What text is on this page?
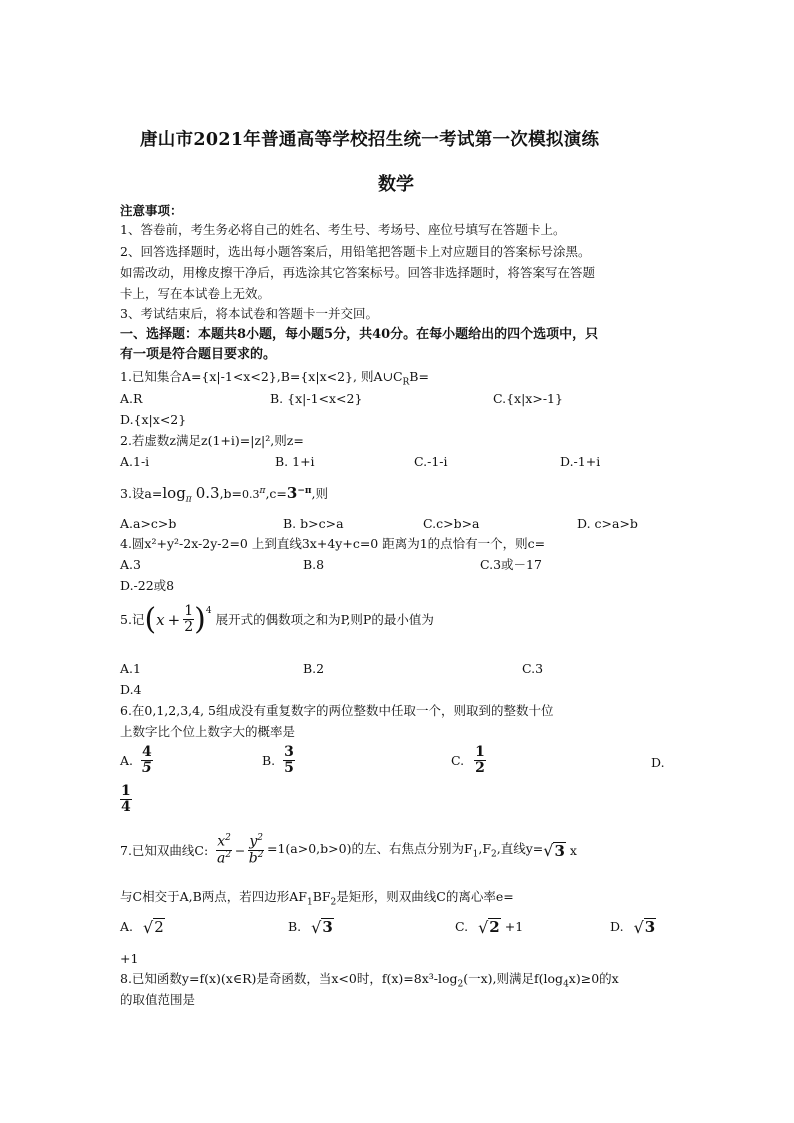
唐山市2021年普通高等学校招生统一考试第一次模拟演练
数学
注意事项：
1、答卷前，考生务必将自己的姓名、考生号、考场号、座位号填写在答题卡上。
2、回答选择题时，选出每小题答案后，用铅笔把答题卡上对应题目的答案标号涂黑。
如需改动，用橡皮擦干净后，再选涂其它答案标号。回答非选择题时，将答案写在答题
卡上，写在本试卷上无效。
3、考试结束后，将本试卷和答题卡一并交回。
一、选择题：本题共8小题，每小题5分，共40分。在每小题给出的四个选项中，只
有一项是符合题目要求的。
1.已知集合A={x|-1<x<2},B={x|x<2}, 则$A\cup C_RB=$
A.R	B. {x|-1<x<2}	C.{x|x>-1}
D.{x|x<2}
2.若虚数z满足z(1+i)=|z|²,则z=
A.1-i	B. 1+i	C.-1-i	D.-1+i
3.设$a=\log_\pi$ $0.3,b=0.3^\pi,c=3^{-\pi}$,则
A.a>c>b	B. b>c>a	C.c>b>a	D. c>a>b
4.圆x²+y²-2x-2y-2=0 上到直线3x+4y+c=0 距离为1的点恰有一个，则c=
A.3	B.8	C.3或－17
D.-22或8
5.记 ( $x + \frac{1}{2} )^4$
展开式的偶数项之和为P,则P的最小值为
A.1	B.2	C.3
D.4
6.在0,1,2,3,4, 5组成没有重复数字的两位整数中任取一个，则取到的整数十位
上数字比个位上数字大的概率是
A. $\frac{4}{5}$	B. $\frac{3}{5}$	C. $\frac{1}{2}$	D.
$\frac{1}{4}$
7.已知双曲线C: $\frac{x^2}{a^2} - \frac{y^2}{b^2} =1(a>0,b>0)$的左、右焦点分别为$F_1,F_2$,直线y= √ 3 x
与C相交于A,B两点，若四边形$AF_1BF_2$是矩形，则双曲线C的离心率e=
A. √ 2	B. √ 3	C. √ 2 +1	D. √ 3
+1
8.已知函数y=f(x)(x∈R)是奇函数，当x<0时，$f(x)=8x^3-\log_2$(一x),则满足$f(\log_4x)\ge 0$的x
的取值范围是
